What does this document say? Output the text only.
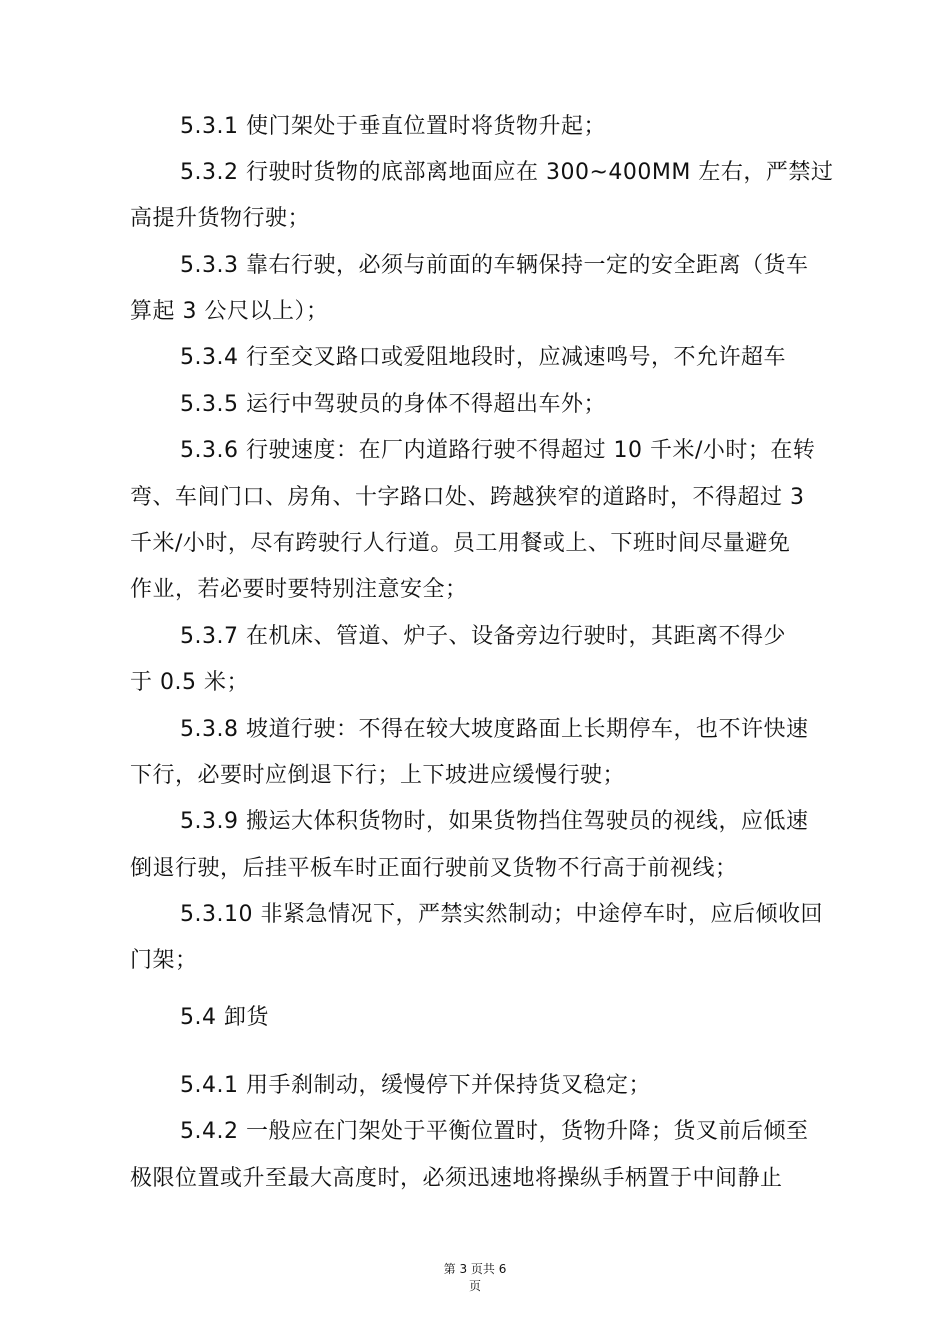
5.3.1 使门架处于垂直位置时将货物升起；
5.3.2 行驶时货物的底部离地面应在 300~400MM 左右，严禁过
高提升货物行驶；
5.3.3 靠右行驶，必须与前面的车辆保持一定的安全距离（货车
算起 3 公尺以上）；
5.3.4 行至交叉路口或爱阻地段时，应减速鸣号，不允许超车
5.3.5 运行中驾驶员的身体不得超出车外；
5.3.6 行驶速度：在厂内道路行驶不得超过 10 千米/小时；在转
弯、车间门口、房角、十字路口处、跨越狭窄的道路时，不得超过 3
千米/小时，尽有跨驶行人行道。员工用餐或上、下班时间尽量避免
作业，若必要时要特别注意安全；
5.3.7 在机床、管道、炉子、设备旁边行驶时，其距离不得少
于 0.5 米；
5.3.8 坡道行驶：不得在较大坡度路面上长期停车，也不许快速
下行，必要时应倒退下行；上下坡进应缓慢行驶；
5.3.9 搬运大体积货物时，如果货物挡住驾驶员的视线，应低速
倒退行驶，后挂平板车时正面行驶前叉货物不行高于前视线；
5.3.10 非紧急情况下，严禁实然制动；中途停车时，应后倾收回
门架；
5.4 卸货
5.4.1 用手刹制动，缓慢停下并保持货叉稳定；
5.4.2 一般应在门架处于平衡位置时，货物升降；货叉前后倾至
极限位置或升至最大高度时，必须迅速地将操纵手柄置于中间静止
第 3 页共 6
页
